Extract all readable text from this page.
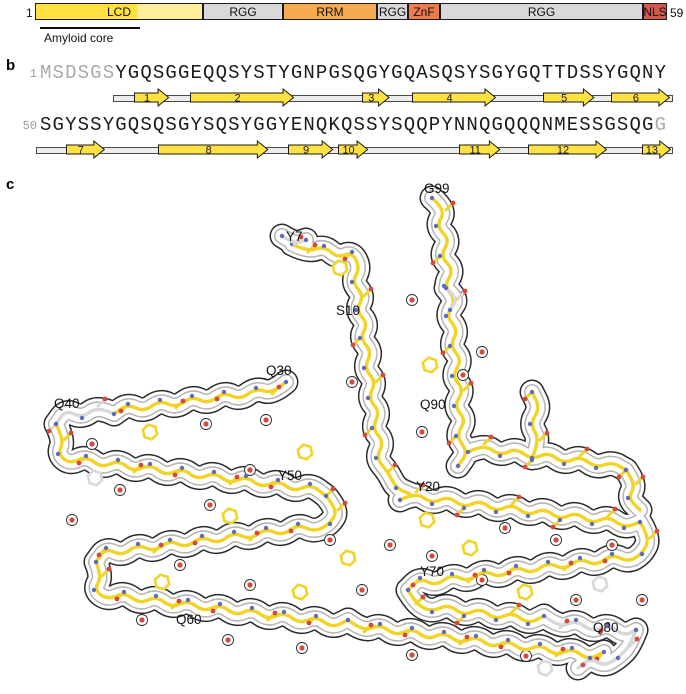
1	LCD	RGG	RRM	RGG ZnF	RGG	NLS 59
Amyloid core
b	1 MSDSGSYGQSGGEQQSYSTYGNPGSQGYGQASQSYSGYGQTTDSSYGQNY
1	2	3	4	5	6
50 SGYSSYGQSQSGYSQSYGGYENQKQSSYSQQPYNNQGQQQNMESSGSQGG
7	8	9	10	11	12	13
c	G99
Y7
S10
Q30
Q40	Q90
Y50
Y20
Y70
Q60
Q80
